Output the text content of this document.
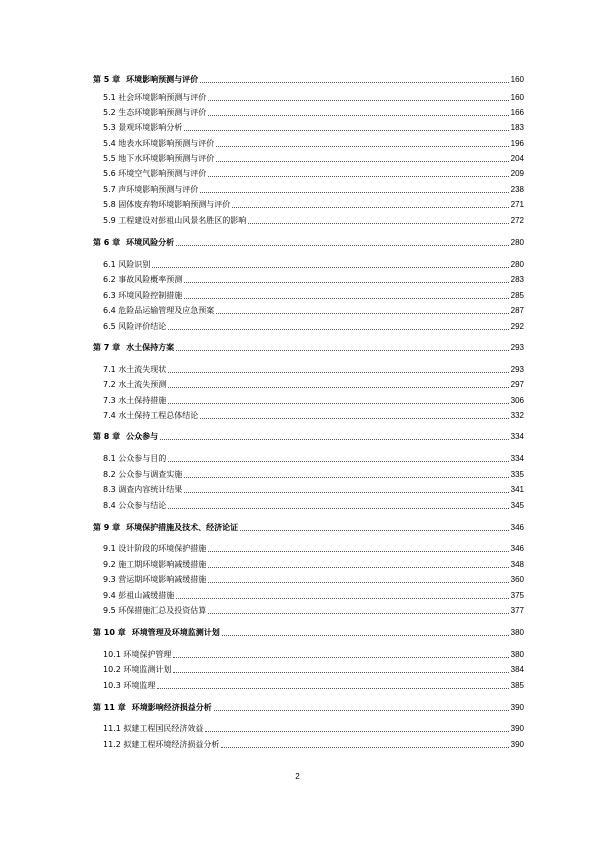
第 5 章 环境影响预测与评价	160
5.1 社会环境影响预测与评价	160
5.2 生态环境影响预测与评价	166
5.3 景观环境影响分析	183
5.4 地表水环境影响预测与评价	196
5.5 地下水环境影响预测与评价	204
5.6 环境空气影响预测与评价	209
5.7 声环境影响预测与评价	238
5.8 固体废弃物环境影响预测与评价	271
5.9 工程建设对彭祖山风景名胜区的影响	272
第 6 章 环境风险分析	280
6.1 风险识别	280
6.2 事故风险概率预测	283
6.3 环境风险控制措施	285
6.4 危险品运输管理及应急预案	287
6.5 风险评价结论	292
第 7 章 水土保持方案	293
7.1 水土流失现状	293
7.2 水土流失预测	297
7.3 水土保持措施	306
7.4 水土保持工程总体结论	332
第 8 章 公众参与	334
8.1 公众参与目的	334
8.2 公众参与调查实施	335
8.3 调查内容统计结果	341
8.4 公众参与结论	345
第 9 章 环境保护措施及技术、经济论证	346
9.1 设计阶段的环境保护措施	346
9.2 施工期环境影响减缓措施	348
9.3 营运期环境影响减缓措施	360
9.4 彭祖山减缓措施	375
9.5 环保措施汇总及投资估算	377
第 10 章 环境管理及环境监测计划	380
10.1 环境保护管理	380
10.2 环境监测计划	384
10.3 环境监理	385
第 11 章 环境影响经济损益分析	390
11.1 拟建工程国民经济效益	390
11.2 拟建工程环境经济损益分析	390
2
